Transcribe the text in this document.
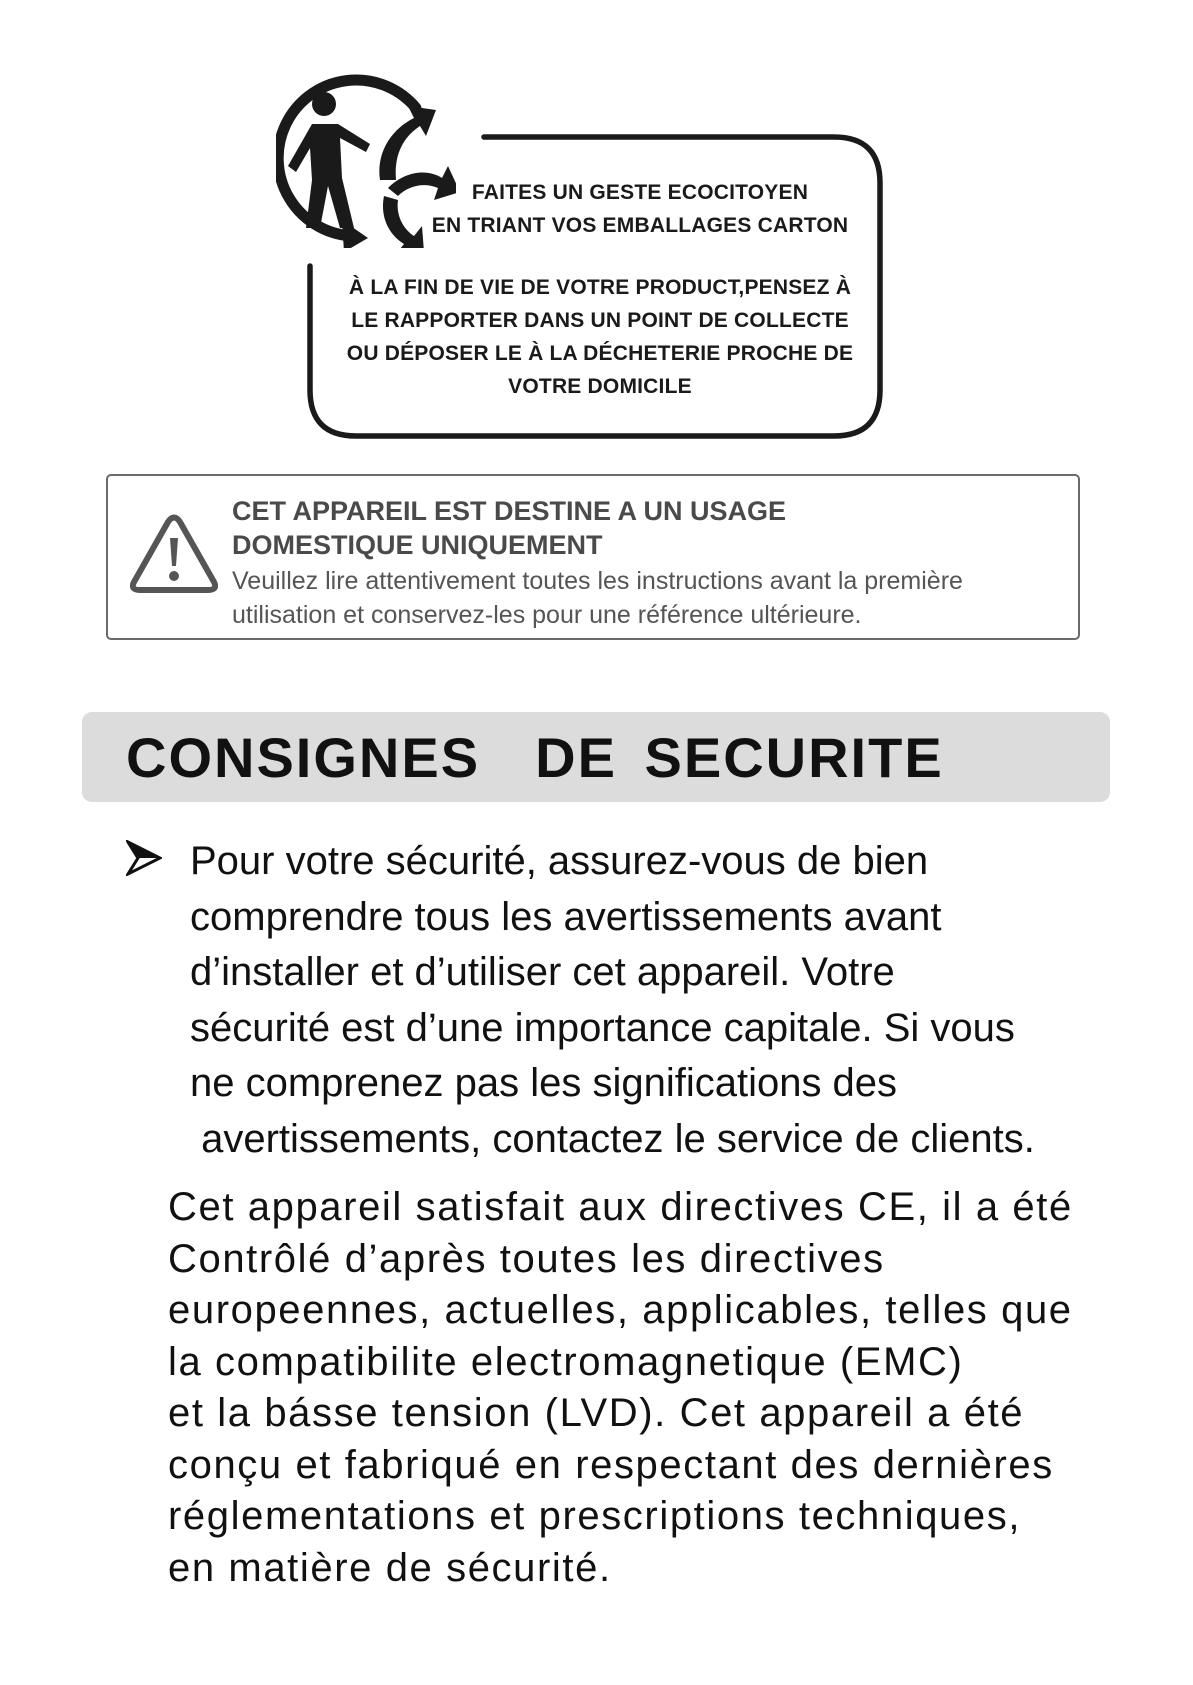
FAITES UN GESTE ECOCITOYEN
EN TRIANT VOS EMBALLAGES CARTON
À LA FIN DE VIE DE VOTRE PRODUCT,PENSEZ À
LE RAPPORTER DANS UN POINT DE COLLECTE
OU DÉPOSER LE À LA DÉCHETERIE PROCHE DE
VOTRE DOMICILE
CET APPAREIL EST DESTINE A UN USAGE
DOMESTIQUE UNIQUEMENT
Veuillez lire attentivement toutes les instructions avant la première
utilisation et conservez-les pour une référence ultérieure.
CONSIGNES  DE SECURITE
Pour votre sécurité, assurez-vous de bien
comprendre tous les avertissements avant
d’installer et d’utiliser cet appareil. Votre
sécurité est d’une importance capitale. Si vous
ne comprenez pas les significations des
avertissements, contactez le service de clients.
Cet appareil satisfait aux directives CE, il a été
Contrôlé d’après toutes les directives
europeennes, actuelles, applicables, telles que
la compatibilite electromagnetique (EMC)
et la básse tension (LVD). Cet appareil a été
conçu et fabriqué en respectant des dernières
réglementations et prescriptions techniques,
en matière de sécurité.
